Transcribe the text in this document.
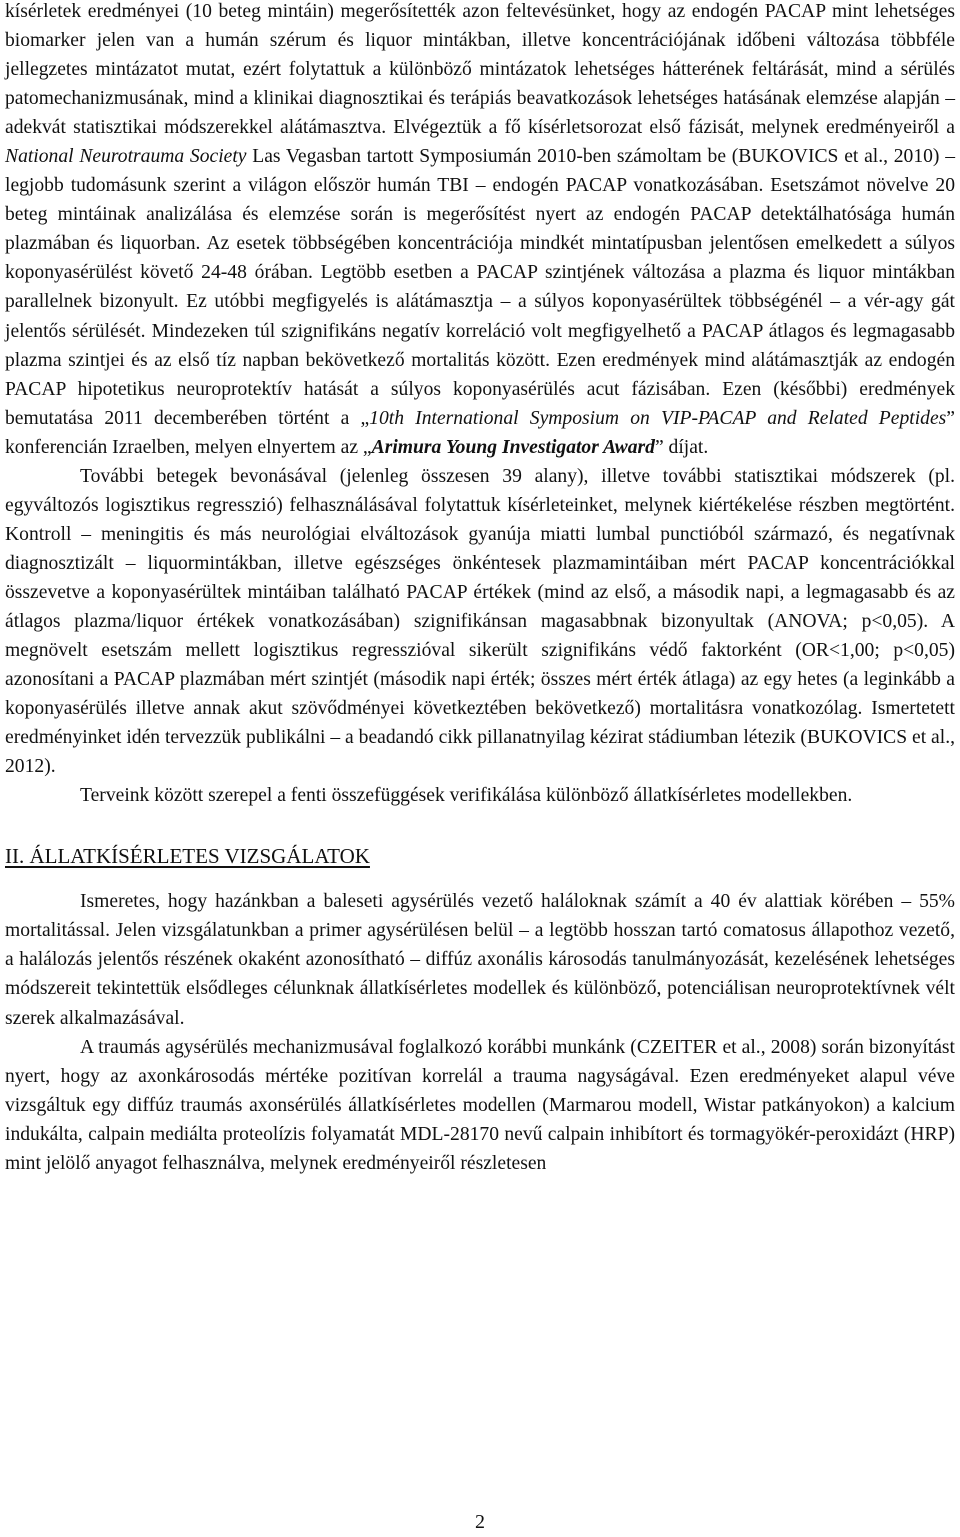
kísérletek eredményei (10 beteg mintáin) megerősítették azon feltevésünket, hogy az endogén PACAP mint lehetséges biomarker jelen van a humán szérum és liquor mintákban, illetve koncentrációjának időbeni változása többféle jellegzetes mintázatot mutat, ezért folytattuk a különböző mintázatok lehetséges hátterének feltárását, mind a sérülés patomechanizmusának, mind a klinikai diagnosztikai és terápiás beavatkozások lehetséges hatásának elemzése alapján – adekvát statisztikai módszerekkel alátámasztva. Elvégeztük a fő kísérletsorozat első fázisát, melynek eredményeiről a National Neurotrauma Society Las Vegasban tartott Symposiumán 2010-ben számoltam be (BUKOVICS et al., 2010) – legjobb tudomásunk szerint a világon először humán TBI – endogén PACAP vonatkozásában. Esetszámot növelve 20 beteg mintáinak analizálása és elemzése során is megerősítést nyert az endogén PACAP detektálhatósága humán plazmában és liquorban. Az esetek többségében koncentrációja mindkét mintatípusban jelentősen emelkedett a súlyos koponyasérülést követő 24-48 órában. Legtöbb esetben a PACAP szintjének változása a plazma és liquor mintákban parallelnek bizonyult. Ez utóbbi megfigyelés is alátámasztja – a súlyos koponyasérültek többségénél – a vér-agy gát jelentős sérülését. Mindezeken túl szignifikáns negatív korreláció volt megfigyelhető a PACAP átlagos és legmagasabb plazma szintjei és az első tíz napban bekövetkező mortalitás között. Ezen eredmények mind alátámasztják az endogén PACAP hipotetikus neuroprotektív hatását a súlyos koponyasérülés acut fázisában. Ezen (későbbi) eredmények bemutatása 2011 decemberében történt a „10th International Symposium on VIP-PACAP and Related Peptides” konferencián Izraelben, melyen elnyertem az „Arimura Young Investigator Award” díjat.

További betegek bevonásával (jelenleg összesen 39 alany), illetve további statisztikai módszerek (pl. egyváltozós logisztikus regresszió) felhasználásával folytattuk kísérleteinket, melynek kiértékelése részben megtörtént. Kontroll – meningitis és más neurológiai elváltozások gyanúja miatti lumbal punctióból származó, és negatívnak diagnosztizált – liquormintákban, illetve egészséges önkéntesek plazmamintáiban mért PACAP koncentrációkkal összevetve a koponyasérültek mintáiban található PACAP értékek (mind az első, a második napi, a legmagasabb és az átlagos plazma/liquor értékek vonatkozásában) szignifikánsan magasabbnak bizonyultak (ANOVA; p<0,05). A megnövelt esetszám mellett logisztikus regresszióval sikerült szignifikáns védő faktorként (OR<1,00; p<0,05) azonosítani a PACAP plazmában mért szintjét (második napi érték; összes mért érték átlaga) az egy hetes (a leginkább a koponyasérülés illetve annak akut szövődményei következtében bekövetkező) mortalitásra vonatkozólag. Ismertetett eredményinket idén tervezzük publikálni – a beadandó cikk pillanatnyilag kézirat stádiumban létezik (BUKOVICS et al., 2012).

Terveink között szerepel a fenti összefüggések verifikálása különböző állatkísérletes modellekben.

II. ÁLLATKÍSÉRLETES VIZSGÁLATOK

Ismeretes, hogy hazánkban a baleseti agysérülés vezető haláloknak számít a 40 év alattiak körében – 55% mortalitással. Jelen vizsgálatunkban a primer agysérülésen belül – a legtöbb hosszan tartó comatosus állapothoz vezető, a halálozás jelentős részének okaként azonosítható – diffúz axonális károsodás tanulmányozását, kezelésének lehetséges módszereit tekintettük elsődleges célunknak állatkísérletes modellek és különböző, potenciálisan neuroprotektívnek vélt szerek alkalmazásával.

A traumás agysérülés mechanizmusával foglalkozó korábbi munkánk (CZEITER et al., 2008) során bizonyítást nyert, hogy az axonkárosodás mértéke pozitívan korrelál a trauma nagyságával. Ezen eredményeket alapul véve vizsgáltuk egy diffúz traumás axonsérülés állatkísérletes modellen (Marmarou modell, Wistar patkányokon) a kalcium indukálta, calpain mediálta proteolízis folyamatát MDL-28170 nevű calpain inhibítort és tormagyökér-peroxidázt (HRP) mint jelölő anyagot felhasználva, melynek eredményeiről részletesen

2
